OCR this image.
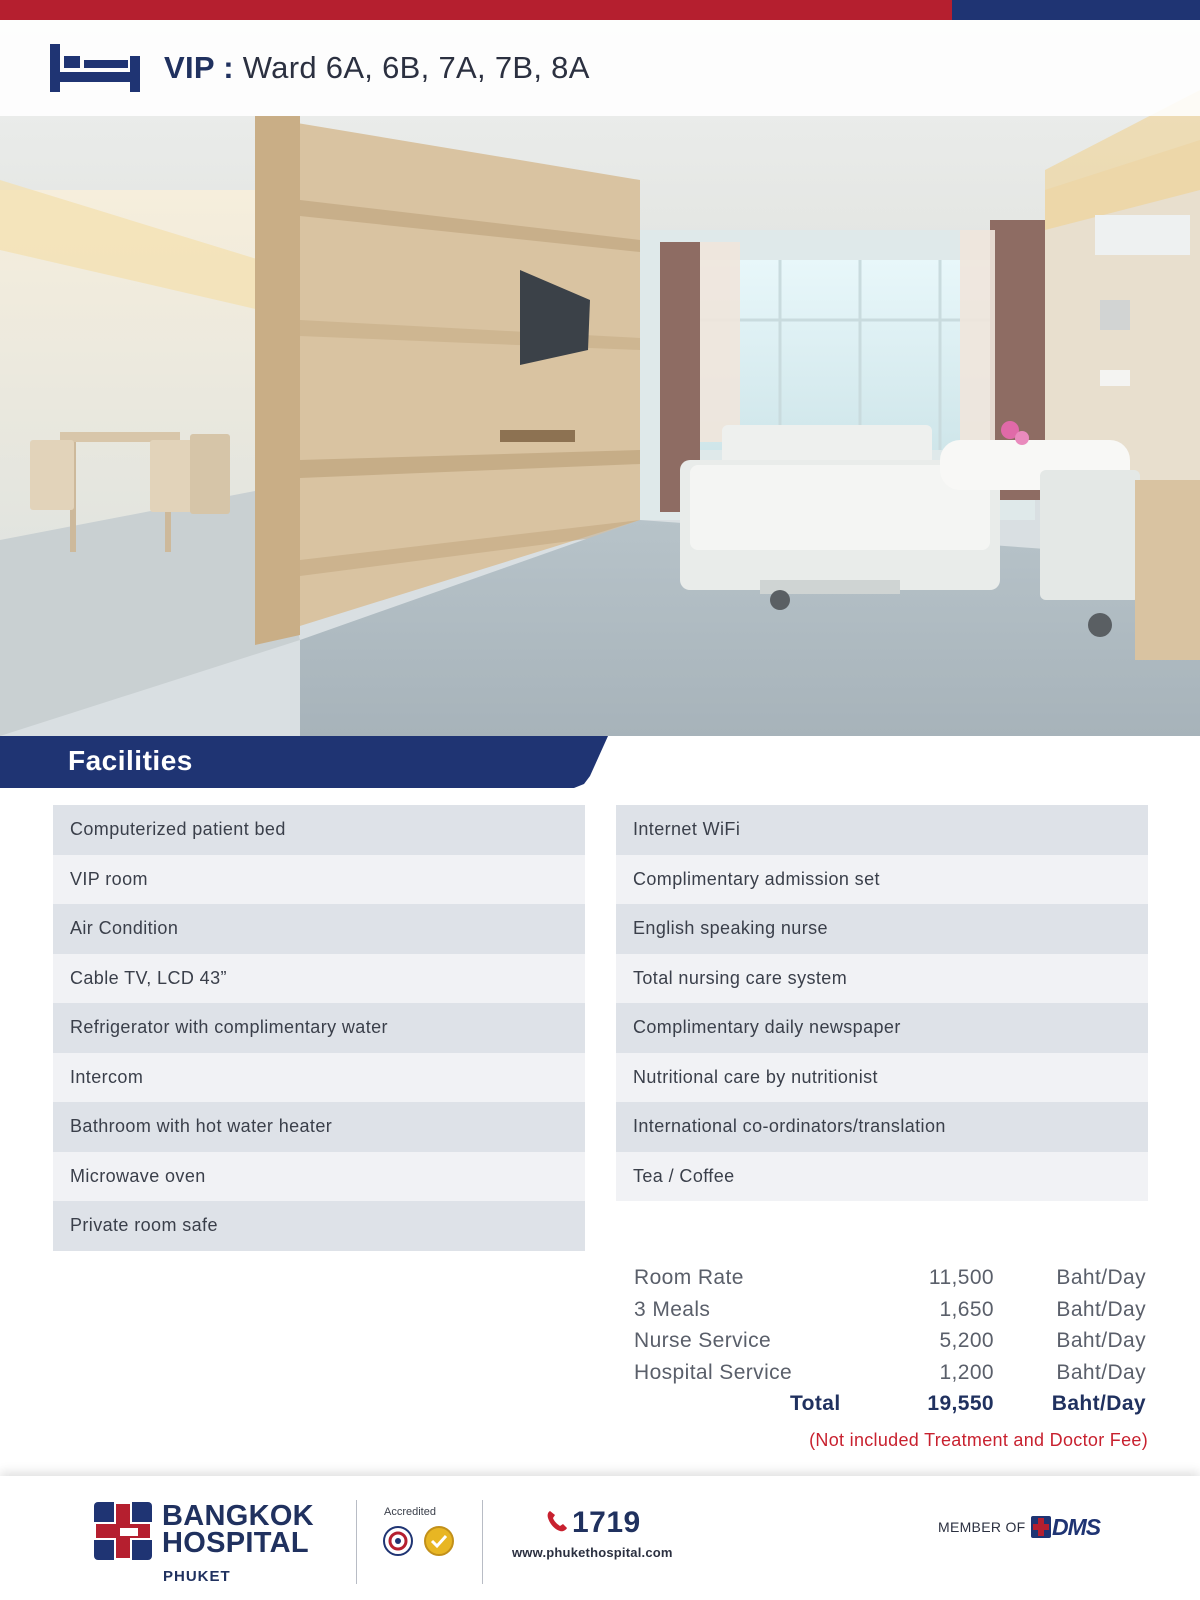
VIP : Ward 6A, 6B, 7A, 7B, 8A
Facilities
Computerized patient bed
VIP room
Air Condition
Cable TV, LCD 43”
Refrigerator with complimentary water
Intercom
Bathroom with hot water heater
Microwave oven
Private room safe
Internet WiFi
Complimentary admission set
English speaking nurse
Total nursing care system
Complimentary daily newspaper
Nutritional care by nutritionist
International co-ordinators/translation
Tea / Coffee
Room Rate	11,500	Baht/Day
3 Meals	1,650	Baht/Day
Nurse Service	5,200	Baht/Day
Hospital Service	1,200	Baht/Day
Total	19,550	Baht/Day
(Not included Treatment and Doctor Fee)
BANGKOK
HOSPITAL
PHUKET
Accredited	1719
www.phukethospital.com
MEMBER OF DMS
